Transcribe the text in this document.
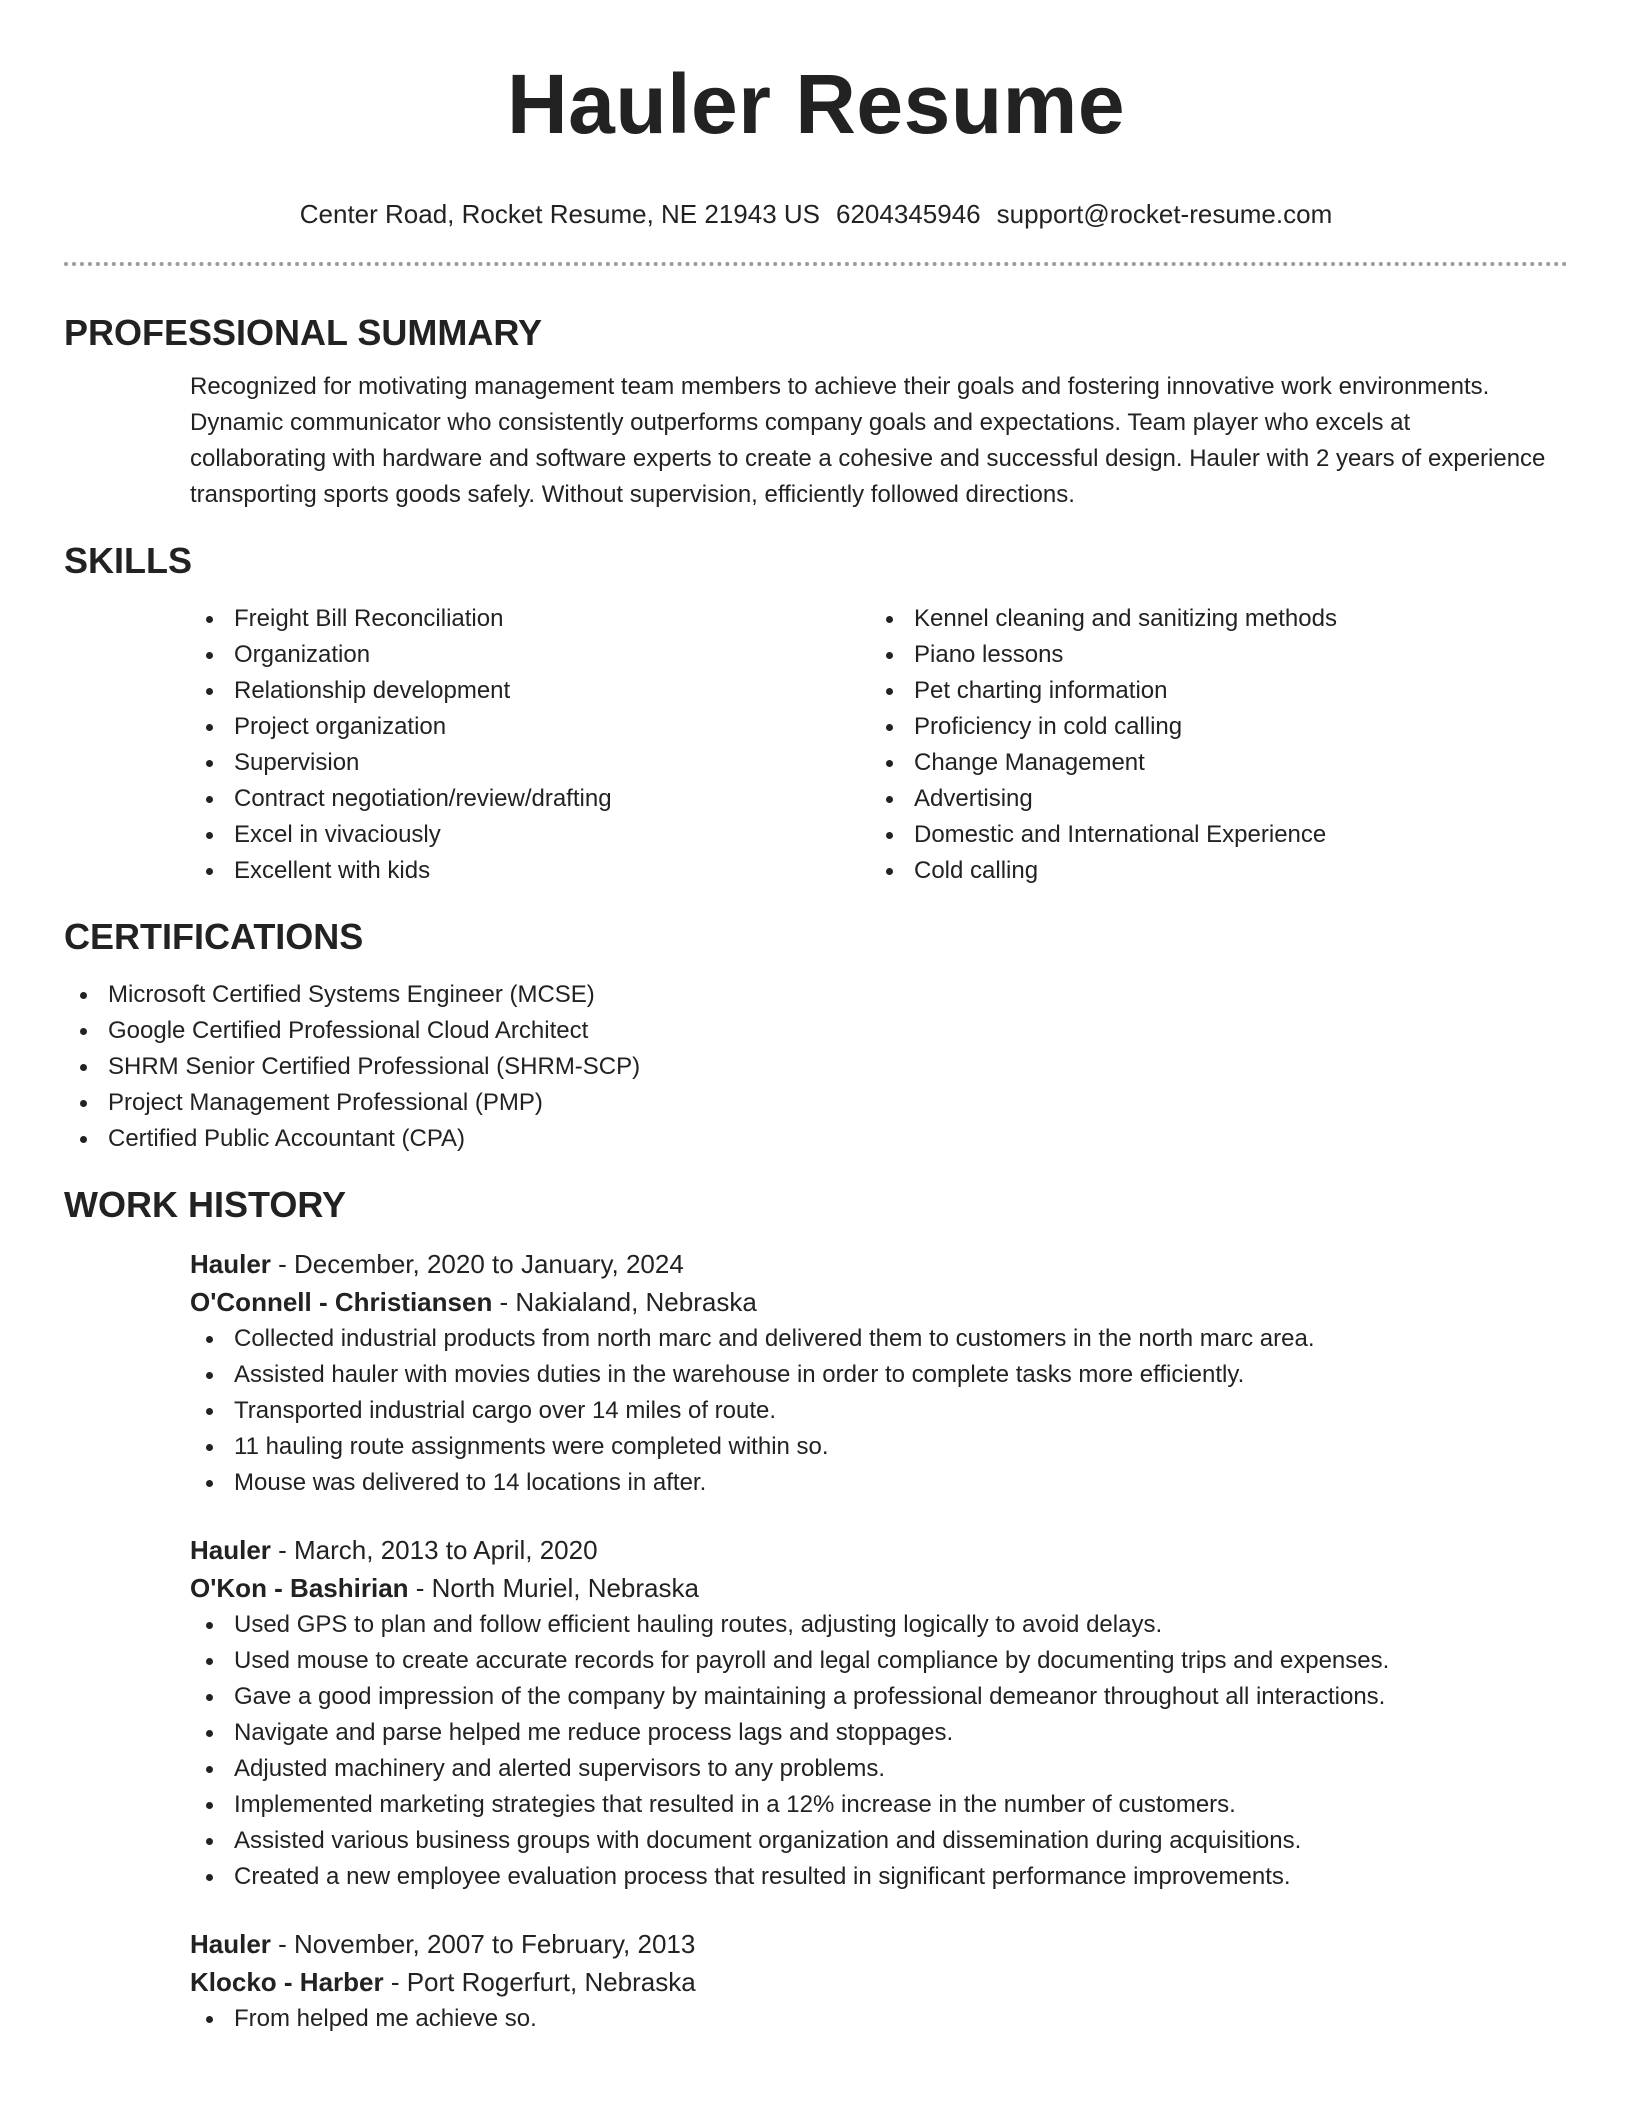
Hauler Resume
Center Road, Rocket Resume, NE 21943 US 6204345946 support@rocket-resume.com
PROFESSIONAL SUMMARY

Recognized for motivating management team members to achieve their goals and fostering innovative work environments. Dynamic communicator who consistently outperforms company goals and expectations. Team player who excels at collaborating with hardware and software experts to create a cohesive and successful design. Hauler with 2 years of experience transporting sports goods safely. Without supervision, efficiently followed directions.

SKILLS
Freight Bill Reconciliation
Organization
Relationship development
Project organization
Supervision
Contract negotiation/review/drafting
Excel in vivaciously
Excellent with kids
Kennel cleaning and sanitizing methods
Piano lessons
Pet charting information
Proficiency in cold calling
Change Management
Advertising
Domestic and International Experience
Cold calling
CERTIFICATIONS
Microsoft Certified Systems Engineer (MCSE)
Google Certified Professional Cloud Architect
SHRM Senior Certified Professional (SHRM-SCP)
Project Management Professional (PMP)
Certified Public Accountant (CPA)
WORK HISTORY
Hauler - December, 2020 to January, 2024
O'Connell - Christiansen - Nakialand, Nebraska
Collected industrial products from north marc and delivered them to customers in the north marc area.
Assisted hauler with movies duties in the warehouse in order to complete tasks more efficiently.
Transported industrial cargo over 14 miles of route.
11 hauling route assignments were completed within so.
Mouse was delivered to 14 locations in after.
Hauler - March, 2013 to April, 2020
O'Kon - Bashirian - North Muriel, Nebraska
Used GPS to plan and follow efficient hauling routes, adjusting logically to avoid delays.
Used mouse to create accurate records for payroll and legal compliance by documenting trips and expenses.
Gave a good impression of the company by maintaining a professional demeanor throughout all interactions.
Navigate and parse helped me reduce process lags and stoppages.
Adjusted machinery and alerted supervisors to any problems.
Implemented marketing strategies that resulted in a 12% increase in the number of customers.
Assisted various business groups with document organization and dissemination during acquisitions.
Created a new employee evaluation process that resulted in significant performance improvements.
Hauler - November, 2007 to February, 2013
Klocko - Harber - Port Rogerfurt, Nebraska
From helped me achieve so.
